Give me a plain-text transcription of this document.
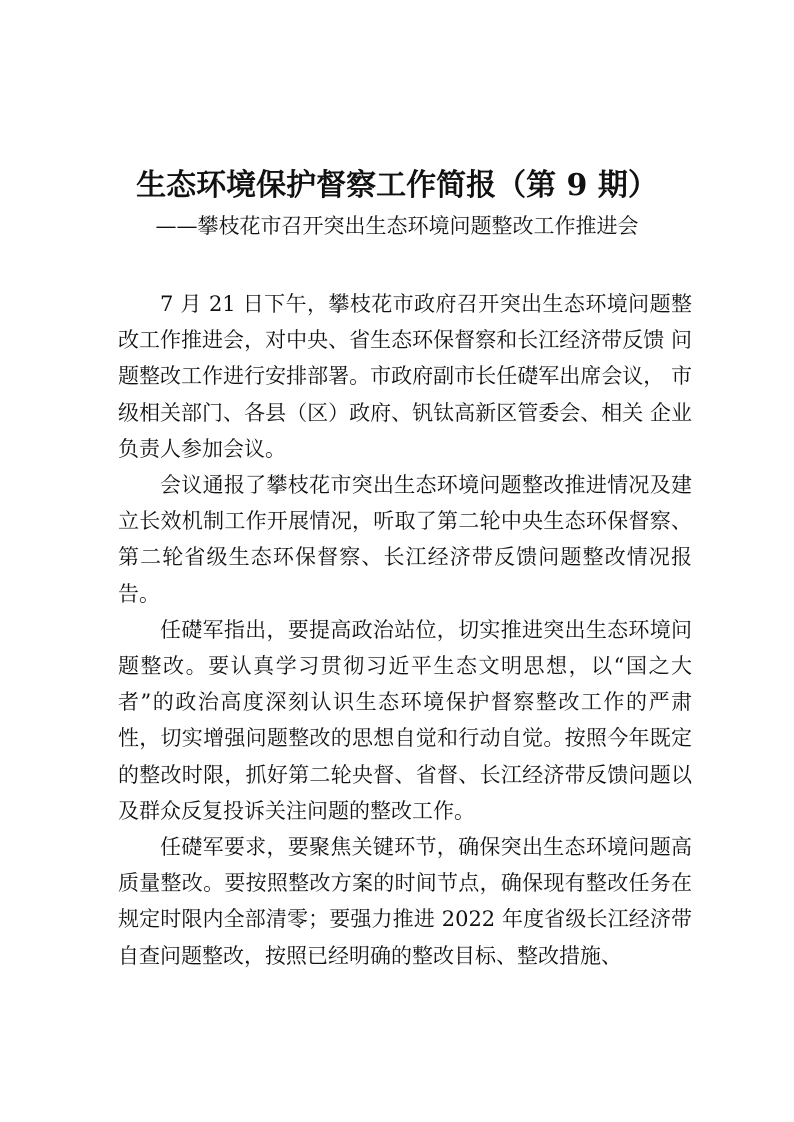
生态环境保护督察工作简报（第 9 期）
——攀枝花市召开突出生态环境问题整改工作推进会

7 月 21 日下午，攀枝花市政府召开突出生态环境问题整改工作推进会，对中央、省生态环保督察和长江经济带反馈 问题整改工作进行安排部署。市政府副市长任礎军出席会议， 市级相关部门、各县（区）政府、钒钛高新区管委会、相关 企业负责人参加会议。

会议通报了攀枝花市突出生态环境问题整改推进情况及建立长效机制工作开展情况，听取了第二轮中央生态环保督察、第二轮省级生态环保督察、长江经济带反馈问题整改情况报告。

任礎军指出，要提高政治站位，切实推进突出生态环境问题整改。要认真学习贯彻习近平生态文明思想，以“国之大者”的政治高度深刻认识生态环境保护督察整改工作的严肃性，切实增强问题整改的思想自觉和行动自觉。按照今年既定的整改时限，抓好第二轮央督、省督、长江经济带反馈问题以及群众反复投诉关注问题的整改工作。

任礎军要求，要聚焦关键环节，确保突出生态环境问题高质量整改。要按照整改方案的时间节点，确保现有整改任务在规定时限内全部清零；要强力推进 2022 年度省级长江经济带自查问题整改，按照已经明确的整改目标、整改措施、
